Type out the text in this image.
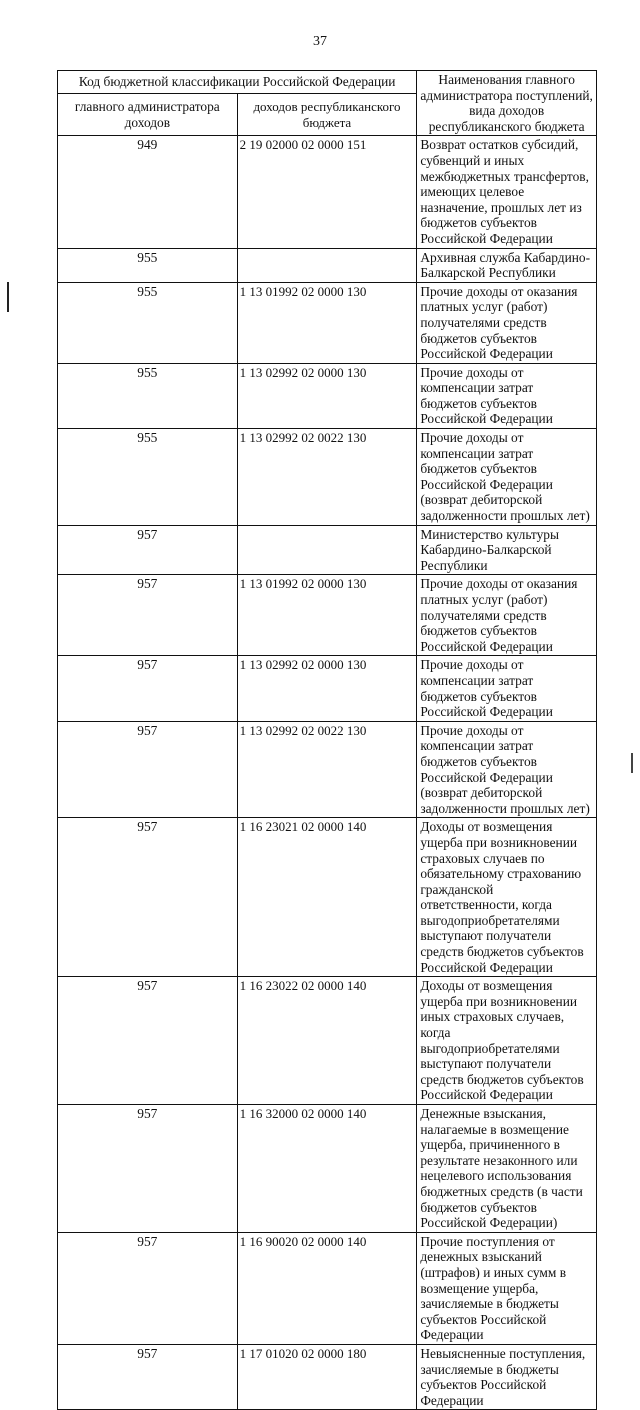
37
Код бюджетной классификации Российской Федерации		Наименования главного администратора поступлений, вида доходов республиканского бюджета
главного администратора доходов	доходов республиканского бюджета	
949	2 19 02000 02 0000 151	Возврат остатков субсидий, субвенций и иных межбюджетных трансфертов, имеющих целевое назначение, прошлых лет из бюджетов субъектов Российской Федерации
955		Архивная служба Кабардино-Балкарской Республики
955	1 13 01992 02 0000 130	Прочие доходы от оказания платных услуг (работ) получателями средств бюджетов субъектов Российской Федерации
955	1 13 02992 02 0000 130	Прочие доходы от компенсации затрат бюджетов субъектов Российской Федерации
955	1 13 02992 02 0022 130	Прочие доходы от компенсации затрат бюджетов субъектов Российской Федерации (возврат дебиторской задолженности прошлых лет)
957		Министерство культуры Кабардино-Балкарской Республики
957	1 13 01992 02 0000 130	Прочие доходы от оказания платных услуг (работ) получателями средств бюджетов субъектов Российской Федерации
957	1 13 02992 02 0000 130	Прочие доходы от компенсации затрат бюджетов субъектов Российской Федерации
957	1 13 02992 02 0022 130	Прочие доходы от компенсации затрат бюджетов субъектов Российской Федерации (возврат дебиторской задолженности прошлых лет)
957	1 16 23021 02 0000 140	Доходы от возмещения ущерба при возникновении страховых случаев по обязательному страхованию гражданской ответственности, когда выгодоприобретателями выступают получатели средств бюджетов субъектов Российской Федерации
957	1 16 23022 02 0000 140	Доходы от возмещения ущерба при возникновении иных страховых случаев, когда выгодоприобретателями выступают получатели средств бюджетов субъектов Российской Федерации
957	1 16 32000 02 0000 140	Денежные взыскания, налагаемые в возмещение ущерба, причиненного в результате незаконного или нецелевого использования бюджетных средств (в части бюджетов субъектов Российской Федерации)
957	1 16 90020 02 0000 140	Прочие поступления от денежных взысканий (штрафов) и иных сумм в возмещение ущерба, зачисляемые в бюджеты субъектов Российской Федерации
957	1 17 01020 02 0000 180	Невыясненные поступления, зачисляемые в бюджеты субъектов Российской Федерации
